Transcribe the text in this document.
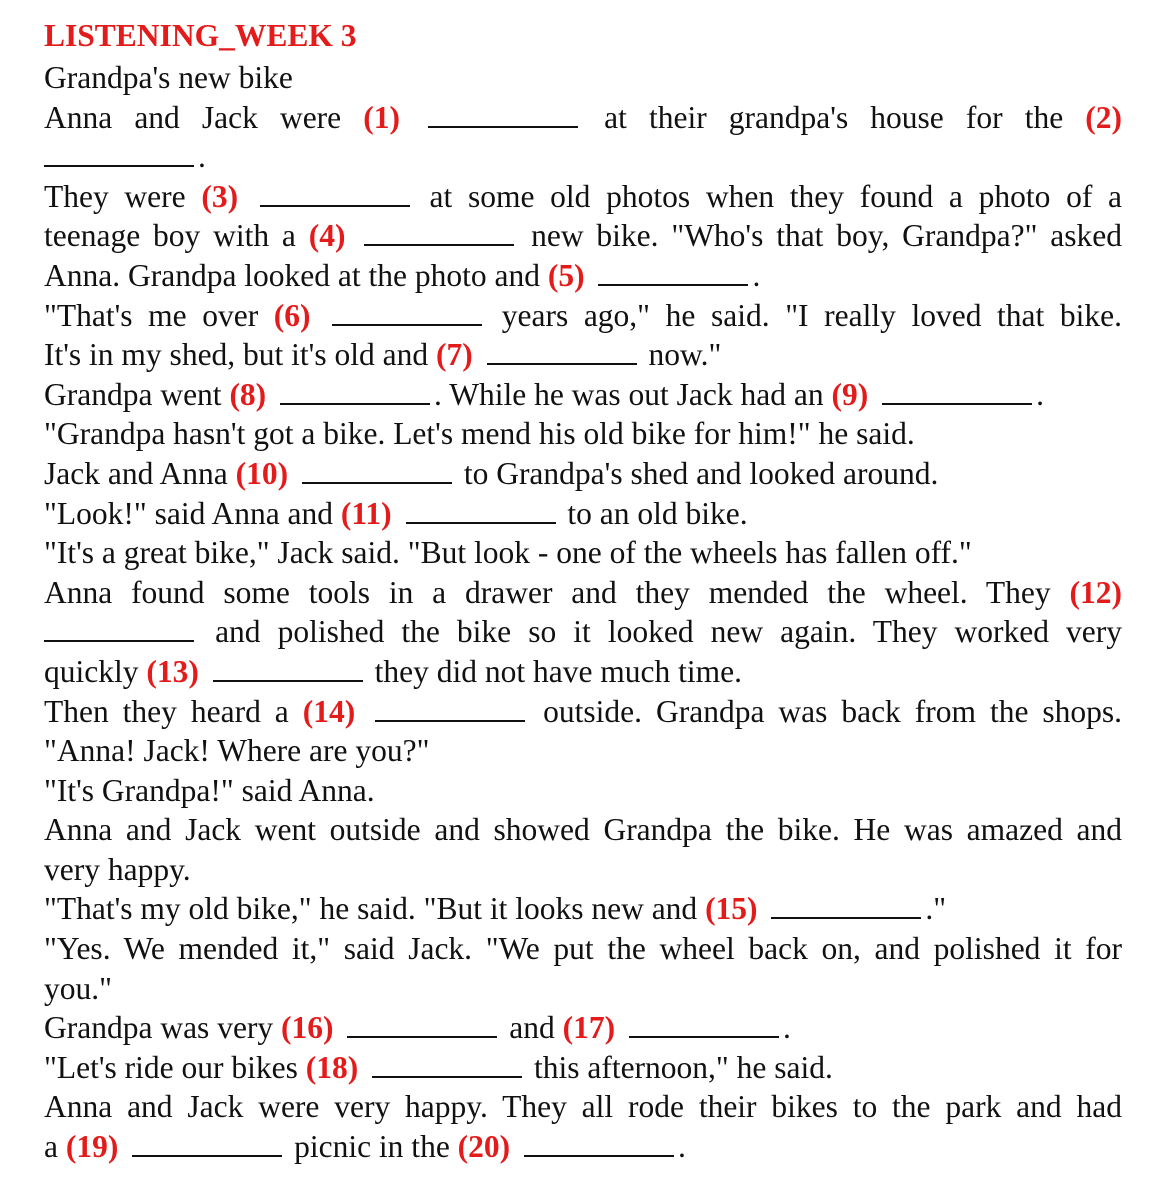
LISTENING_WEEK 3

Grandpa's new bike

Anna and Jack were (1)	at their grandpa's house for the (2)

.

They were (3)	at some old photos when they found a photo of a

teenage boy with a (4)	new bike. "Who's that boy, Grandpa?" asked

Anna. Grandpa looked at the photo and (5)	.

"That's me over (6)	years ago," he said. "I really loved that bike.

It's in my shed, but it's old and (7)	now."

Grandpa went (8)	. While he was out Jack had an (9)	.

"Grandpa hasn't got a bike. Let's mend his old bike for him!" he said.

Jack and Anna (10)	to Grandpa's shed and looked around.

"Look!" said Anna and (11)	to an old bike.

"It's a great bike," Jack said. "But look - one of the wheels has fallen off."

Anna found some tools in a drawer and they mended the wheel. They (12)

and polished the bike so it looked new again. They worked very

quickly (13)	they did not have much time.

Then they heard a (14)	outside. Grandpa was back from the shops.

"Anna! Jack! Where are you?"

"It's Grandpa!" said Anna.

Anna and Jack went outside and showed Grandpa the bike. He was amazed and

very happy.

"That's my old bike," he said. "But it looks new and (15)	."

"Yes. We mended it," said Jack. "We put the wheel back on, and polished it for

you."

Grandpa was very (16)	and (17)	.

"Let's ride our bikes (18)	this afternoon," he said.

Anna and Jack were very happy. They all rode their bikes to the park and had

a (19)	picnic in the (20)	.
